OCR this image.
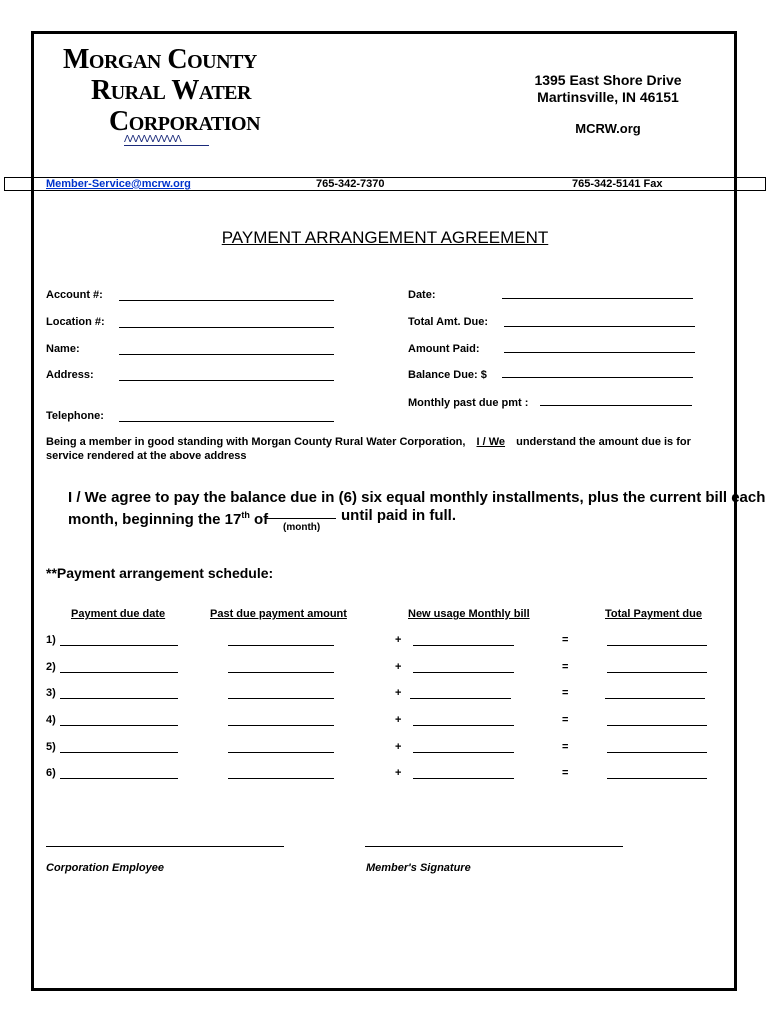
Morgan County
Rural Water
Corporation
ΛΛΛΛΛΛΛΛΛΛ
1395 East Shore Drive
Martinsville, IN 46151
MCRW.org
Member-Service@mcrw.org	765-342-7370	765-342-5141 Fax
PAYMENT ARRANGEMENT AGREEMENT
Account #:
Location #:
Name:
Address:
Telephone:
Date:
Total Amt. Due:
Amount Paid:
Balance Due: $
Monthly past due pmt :
Being a member in good standing with Morgan County Rural Water Corporation, I / We understand the amount due is for
service rendered at the above address
I / We agree to pay the balance due in (6) six equal monthly installments, plus the current bill each
month, beginning the 17th of	until paid in full.
(month)
**Payment arrangement schedule:
Payment due date	Past due payment amount	New usage Monthly bill	Total Payment due
1)	+	=
2)	+	=
3)	+	=
4)	+	=
5)	+	=
6)	+	=
Corporation Employee	Member's Signature
